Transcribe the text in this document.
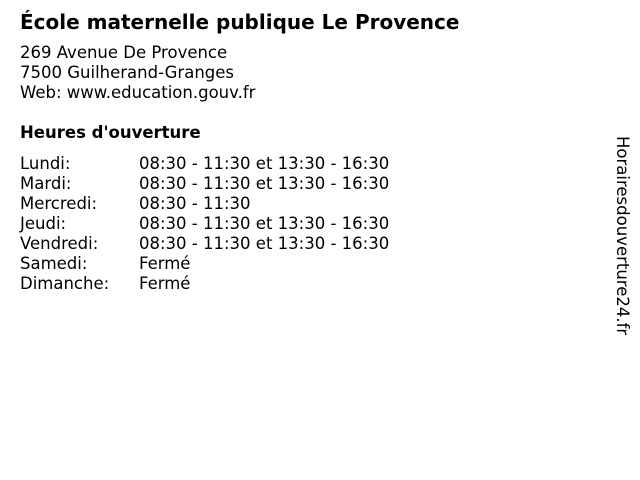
École maternelle publique Le Provence
269 Avenue De Provence
7500 Guilherand-Granges
Web: www.education.gouv.fr
Heures d'ouverture
Lundi:	08:30 - 11:30 et 13:30 - 16:30
Mardi:	08:30 - 11:30 et 13:30 - 16:30
Mercredi:	08:30 - 11:30
Jeudi:	08:30 - 11:30 et 13:30 - 16:30
Vendredi: 08:30 - 11:30 et 13:30 - 16:30
Samedi:	Fermé
Dimanche: Fermé	Horairesdouverture24.fr
